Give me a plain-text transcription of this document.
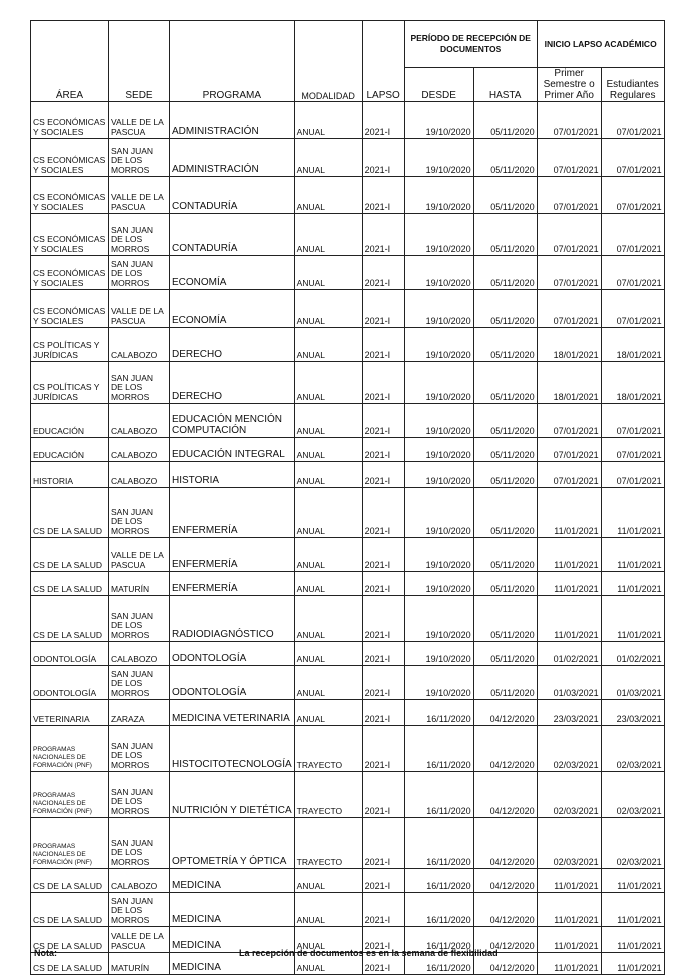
ÁREA	SEDE	PROGRAMA	MODALIDAD	LAPSO	PERÍODO DE RECEPCIÓN DE DOCUMENTOS		INICIO LAPSO ACADÉMICO	
					DESDE	HASTA	Primer Semestre o Primer Año	Estudiantes Regulares
CS ECONÓMICAS Y SOCIALES	VALLE DE LA PASCUA	ADMINISTRACIÓN	ANUAL	2021-I	19/10/2020	05/11/2020	07/01/2021	07/01/2021
CS ECONÓMICAS Y SOCIALES	SAN JUAN DE LOS MORROS	ADMINISTRACIÓN	ANUAL	2021-I	19/10/2020	05/11/2020	07/01/2021	07/01/2021
CS ECONÓMICAS Y SOCIALES	VALLE DE LA PASCUA	CONTADURÍA	ANUAL	2021-I	19/10/2020	05/11/2020	07/01/2021	07/01/2021
CS ECONÓMICAS Y SOCIALES	SAN JUAN DE LOS MORROS	CONTADURÍA	ANUAL	2021-I	19/10/2020	05/11/2020	07/01/2021	07/01/2021
CS ECONÓMICAS Y SOCIALES	SAN JUAN DE LOS MORROS	ECONOMÍA	ANUAL	2021-I	19/10/2020	05/11/2020	07/01/2021	07/01/2021
CS ECONÓMICAS Y SOCIALES	VALLE DE LA PASCUA	ECONOMÍA	ANUAL	2021-I	19/10/2020	05/11/2020	07/01/2021	07/01/2021
CS POLÍTICAS Y JURÍDICAS	CALABOZO	DERECHO	ANUAL	2021-I	19/10/2020	05/11/2020	18/01/2021	18/01/2021
CS POLÍTICAS Y JURÍDICAS	SAN JUAN DE LOS MORROS	DERECHO	ANUAL	2021-I	19/10/2020	05/11/2020	18/01/2021	18/01/2021
EDUCACIÓN	CALABOZO	EDUCACIÓN MENCIÓN COMPUTACIÓN	ANUAL	2021-I	19/10/2020	05/11/2020	07/01/2021	07/01/2021
EDUCACIÓN	CALABOZO	EDUCACIÓN INTEGRAL	ANUAL	2021-I	19/10/2020	05/11/2020	07/01/2021	07/01/2021
HISTORIA	CALABOZO	HISTORIA	ANUAL	2021-I	19/10/2020	05/11/2020	07/01/2021	07/01/2021
CS DE LA SALUD	SAN JUAN DE LOS MORROS	ENFERMERÍA	ANUAL	2021-I	19/10/2020	05/11/2020	11/01/2021	11/01/2021
CS DE LA SALUD	VALLE DE LA PASCUA	ENFERMERÍA	ANUAL	2021-I	19/10/2020	05/11/2020	11/01/2021	11/01/2021
CS DE LA SALUD	MATURÍN	ENFERMERÍA	ANUAL	2021-I	19/10/2020	05/11/2020	11/01/2021	11/01/2021
CS DE LA SALUD	SAN JUAN DE LOS MORROS	RADIODIAGNÓSTICO	ANUAL	2021-I	19/10/2020	05/11/2020	11/01/2021	11/01/2021
ODONTOLOGÍA	CALABOZO	ODONTOLOGÍA	ANUAL	2021-I	19/10/2020	05/11/2020	01/02/2021	01/02/2021
ODONTOLOGÍA	SAN JUAN DE LOS MORROS	ODONTOLOGÍA	ANUAL	2021-I	19/10/2020	05/11/2020	01/03/2021	01/03/2021
VETERINARIA	ZARAZA	MEDICINA VETERINARIA	ANUAL	2021-I	16/11/2020	04/12/2020	23/03/2021	23/03/2021
PROGRAMAS NACIONALES DE FORMACIÓN (PNF)	SAN JUAN DE LOS MORROS	HISTOCITOTECNOLOGÍA	TRAYECTO	2021-I	16/11/2020	04/12/2020	02/03/2021	02/03/2021
PROGRAMAS NACIONALES DE FORMACIÓN (PNF)	SAN JUAN DE LOS MORROS	NUTRICIÓN Y DIETÉTICA	TRAYECTO	2021-I	16/11/2020	04/12/2020	02/03/2021	02/03/2021
PROGRAMAS NACIONALES DE FORMACIÓN (PNF)	SAN JUAN DE LOS MORROS	OPTOMETRÍA Y ÓPTICA	TRAYECTO	2021-I	16/11/2020	04/12/2020	02/03/2021	02/03/2021
CS DE LA SALUD	CALABOZO	MEDICINA	ANUAL	2021-I	16/11/2020	04/12/2020	11/01/2021	11/01/2021
CS DE LA SALUD	SAN JUAN DE LOS MORROS	MEDICINA	ANUAL	2021-I	16/11/2020	04/12/2020	11/01/2021	11/01/2021
CS DE LA SALUD	VALLE DE LA PASCUA	MEDICINA	ANUAL	2021-I	16/11/2020	04/12/2020	11/01/2021	11/01/2021
CS DE LA SALUD	MATURÍN	MEDICINA	ANUAL	2021-I	16/11/2020	04/12/2020	11/01/2021	11/01/2021
Nota:	La recepción de documentos es en la semana de flexibilidad
